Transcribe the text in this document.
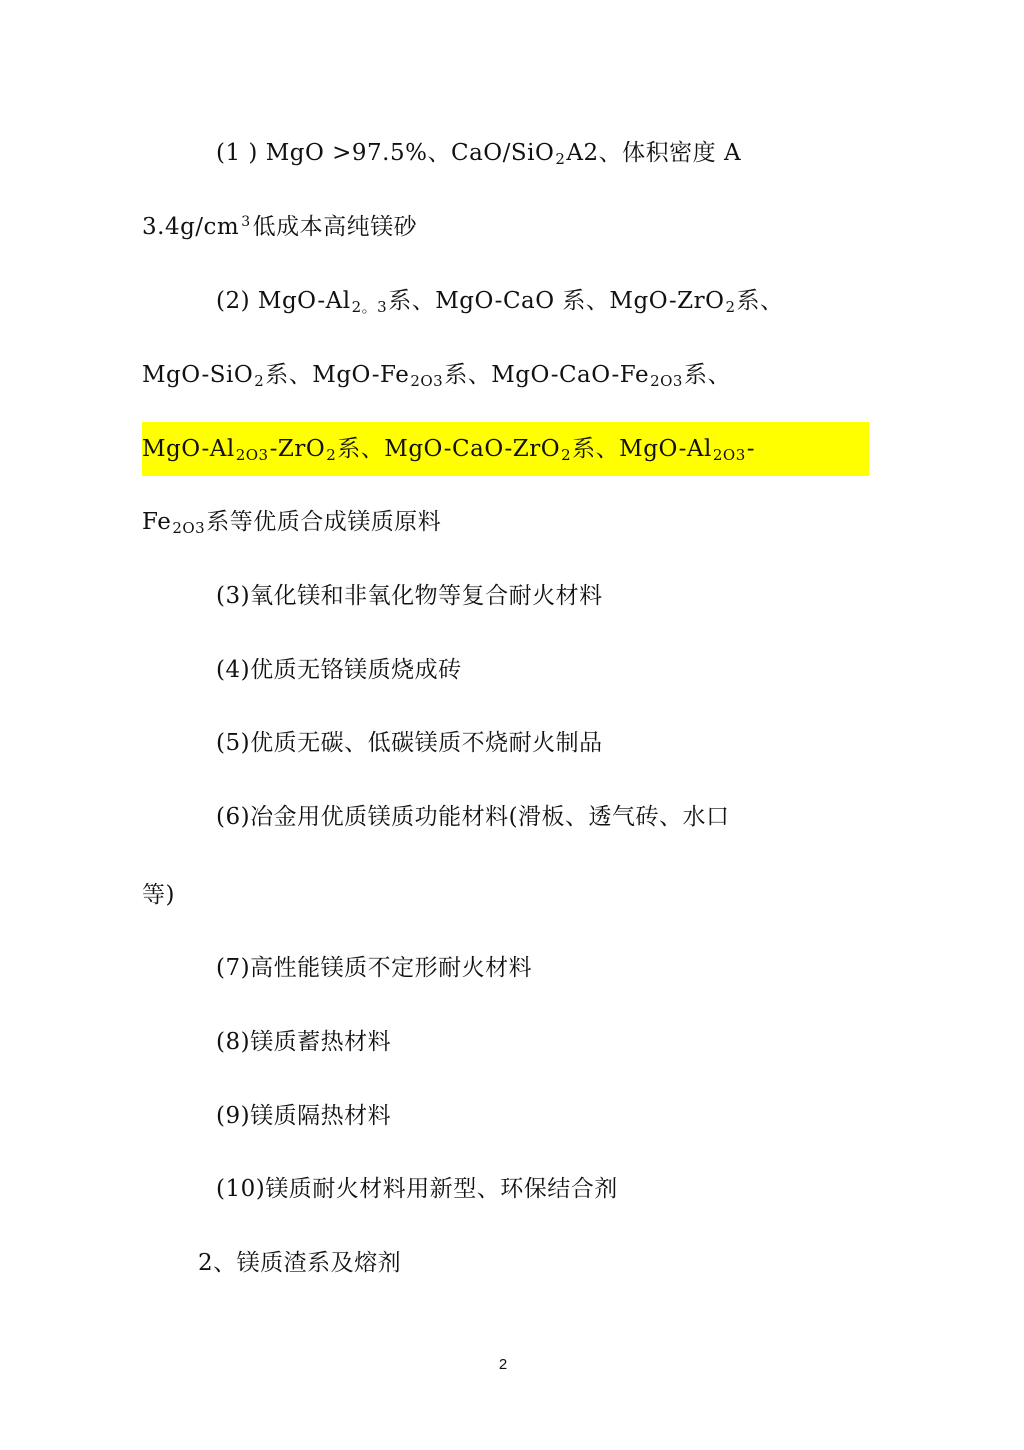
(1 ) MgO >97.5%、CaO/SiO2A2、体积密度 A
3.4g/cm $^3$低成本高纯镁砂
(2) MgO-Al2。3系、MgO-CaO 系、MgO-ZrO2系、
MgO-SiO2系、MgO-Fe2O3系、MgO-CaO-Fe2O3系、
MgO-Al2O3-ZrO2系、MgO-CaO-ZrO2系、MgO-Al2O3-
Fe2O3系等优质合成镁质原料
(3)氧化镁和非氧化物等复合耐火材料
(4)优质无铬镁质烧成砖
(5)优质无碳、低碳镁质不烧耐火制品
(6)冶金用优质镁质功能材料(滑板、透气砖、水口
等)
(7)高性能镁质不定形耐火材料
(8)镁质蓄热材料
(9)镁质隔热材料
(10)镁质耐火材料用新型、环保结合剂
2、镁质渣系及熔剂
2
